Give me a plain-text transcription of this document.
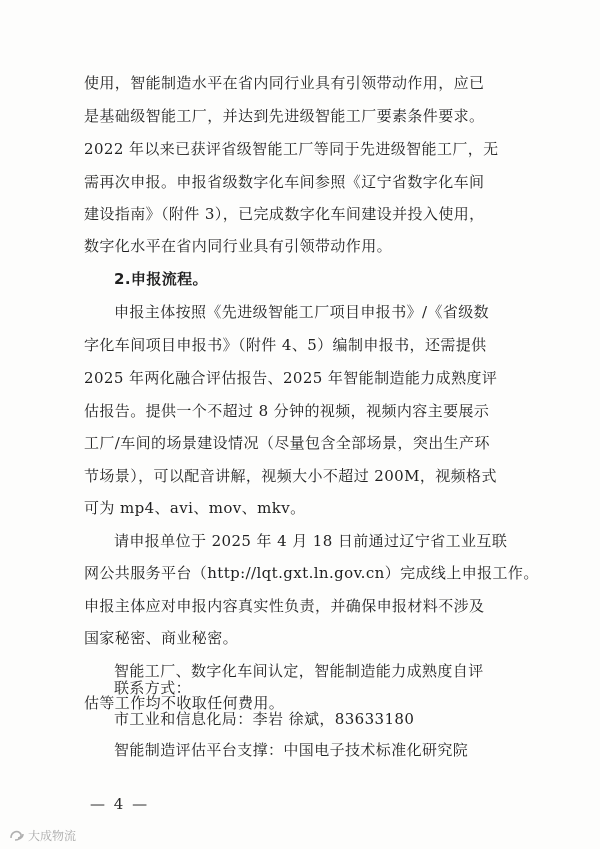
使用，智能制造水平在省内同行业具有引领带动作用，应已
是基础级智能工厂，并达到先进级智能工厂要素条件要求。
2022 年以来已获评省级智能工厂等同于先进级智能工厂，无
需再次申报。申报省级数字化车间参照《辽宁省数字化车间
建设指南》（附件 3），已完成数字化车间建设并投入使用，
数字化水平在省内同行业具有引领带动作用。
2.申报流程。
申报主体按照《先进级智能工厂项目申报书》/《省级数
字化车间项目申报书》（附件 4、5）编制申报书，还需提供
2025 年两化融合评估报告、2025 年智能制造能力成熟度评
估报告。提供一个不超过 8 分钟的视频，视频内容主要展示
工厂/车间的场景建设情况（尽量包含全部场景，突出生产环
节场景），可以配音讲解，视频大小不超过 200M，视频格式
可为 mp4、avi、mov、mkv。
请申报单位于 2025 年 4 月 18 日前通过辽宁省工业互联
网公共服务平台（http://lqt.gxt.ln.gov.cn）完成线上申报工作。
申报主体应对申报内容真实性负责，并确保申报材料不涉及
国家秘密、商业秘密。
智能工厂、数字化车间认定，智能制造能力成熟度自评
估等工作均不收取任何费用。
联系方式：
市工业和信息化局：李岩 徐斌，83633180
智能制造评估平台支撑：中国电子技术标准化研究院
— 4 —
大成物流
